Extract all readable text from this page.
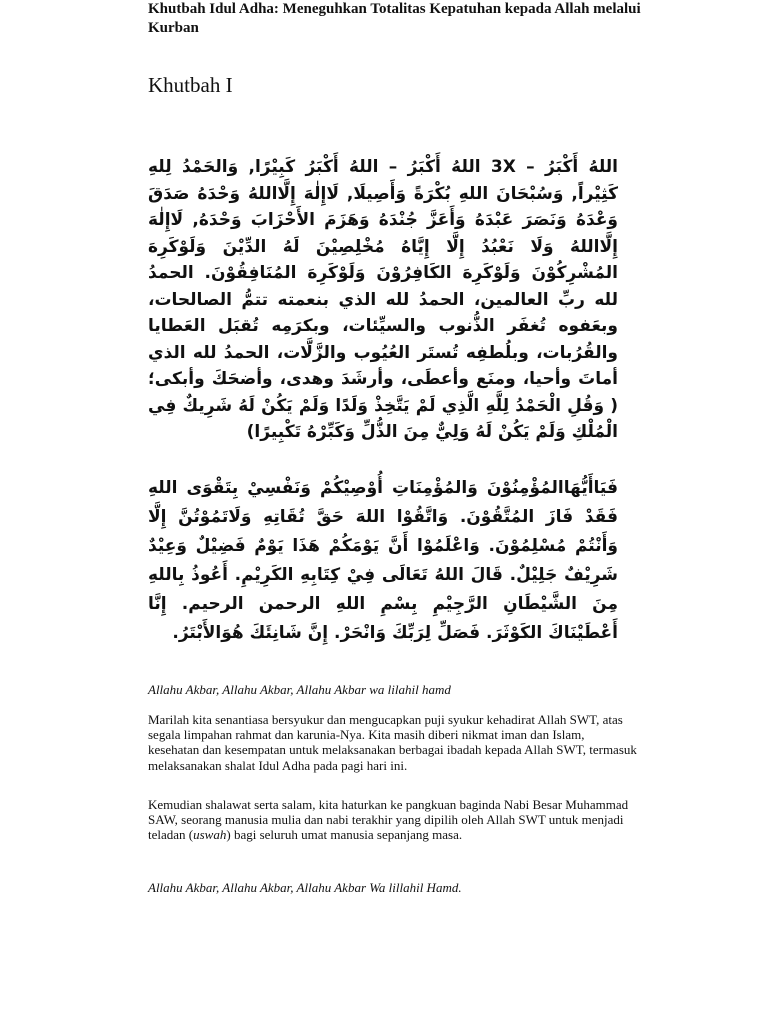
Khutbah Idul Adha: Meneguhkan Totalitas Kepatuhan kepada Allah melalui Kurban
Khutbah I

اللهُ أَكْبَرُ – 3X اللهُ أَكْبَرُ – اللهُ أَكْبَرُ كَبِيْرًا, وَالحَمْدُ لِلهِ كَثِيْراً, وَسُبْحَانَ اللهِ بُكْرَةً وَأَصِيلَا, لَاإِلٰهَ إِلَّااللهُ وَحْدَهُ صَدَقَ وَعْدَهُ وَنَصَرَ عَبْدَهُ وَأَعَزَّ جُنْدَهُ وَهَزَمَ الأَحْزَابَ وَحْدَهُ, لَاإِلٰهَ إِلَّااللهُ وَلَا نَعْبُدُ إِلَّا إِيَّاهُ مُخْلِصِيْنَ لَهُ الدِّيْنَ وَلَوْكَرِهَ المُشْرِكُوْنَ وَلَوْكَرِهَ الكَافِرُوْنَ وَلَوْكَرِهَ المُنَافِقُوْنَ. الحمدُ لله ربِّ العالمين، الحمدُ لله الذي بنعمته تتمُّ الصالحات، وبعَفوه تُغفَر الذُّنوب والسيِّئات، وبكرَمِه تُقبَل العَطايا والقُرُبات، وبلُطفِه تُستَر العُيُوب والزَّلَّات، الحمدُ لله الذي أماتَ وأحيا، ومنَع وأعطَى، وأرشَدَ وهدى، وأضحَكَ وأبكى؛ ( وَقُلِ الْحَمْدُ لِلَّهِ الَّذِي لَمْ يَتَّخِذْ وَلَدًا وَلَمْ يَكُنْ لَهُ شَرِيكٌ فِي الْمُلْكِ وَلَمْ يَكُنْ لَهُ وَلِيٌّ مِنَ الذُّلِّ وَكَبِّرْهُ تَكْبِيرًا)

فَيَاأَيُّهَاالمُؤْمِنُوْنَ وَالمُؤْمِنَاتِ أُوْصِيْكُمْ وَنَفْسِيْ بِتَقْوَى اللهِ فَقَدْ فَازَ المُتَّقُوْنَ. وَاتَّقُوْا اللهَ حَقَّ تُقَاتِهِ وَلَاتَمُوْتُنَّ إِلَّا وَأَنْتُمْ مُسْلِمُوْنَ. وَاعْلَمُوْا أَنَّ يَوْمَكُمْ هَذَا يَوْمٌ فَضِيْلٌ وَعِيْدٌ شَرِيْفٌ جَلِيْلٌ. قَالَ اللهُ تَعَالَى فِيْ كِتَابِهِ الكَرِيْمِ. أَعُوذُ بِاللهِ مِنَ الشَّيْطَانِ الرَّجِيْمِ بِسْمِ اللهِ الرحمن الرحيم. إِنَّا أَعْطَيْنَاكَ الكَوْثَرَ. فَصَلِّ لِرَبِّكَ وَانْحَرْ. إِنَّ شَانِئَكَ هُوَالأَبْتَرُ.

Allahu Akbar, Allahu Akbar, Allahu Akbar wa lilahil hamd

Marilah kita senantiasa bersyukur dan mengucapkan puji syukur kehadirat Allah SWT, atas segala limpahan rahmat dan karunia-Nya. Kita masih diberi nikmat iman dan Islam, kesehatan dan kesempatan untuk melaksanakan berbagai ibadah kepada Allah SWT, termasuk melaksanakan shalat Idul Adha pada pagi hari ini.

Kemudian shalawat serta salam, kita haturkan ke pangkuan baginda Nabi Besar Muhammad SAW, seorang manusia mulia dan nabi terakhir yang dipilih oleh Allah SWT untuk menjadi teladan (uswah) bagi seluruh umat manusia sepanjang masa.

Allahu Akbar, Allahu Akbar, Allahu Akbar Wa lillahil Hamd.
